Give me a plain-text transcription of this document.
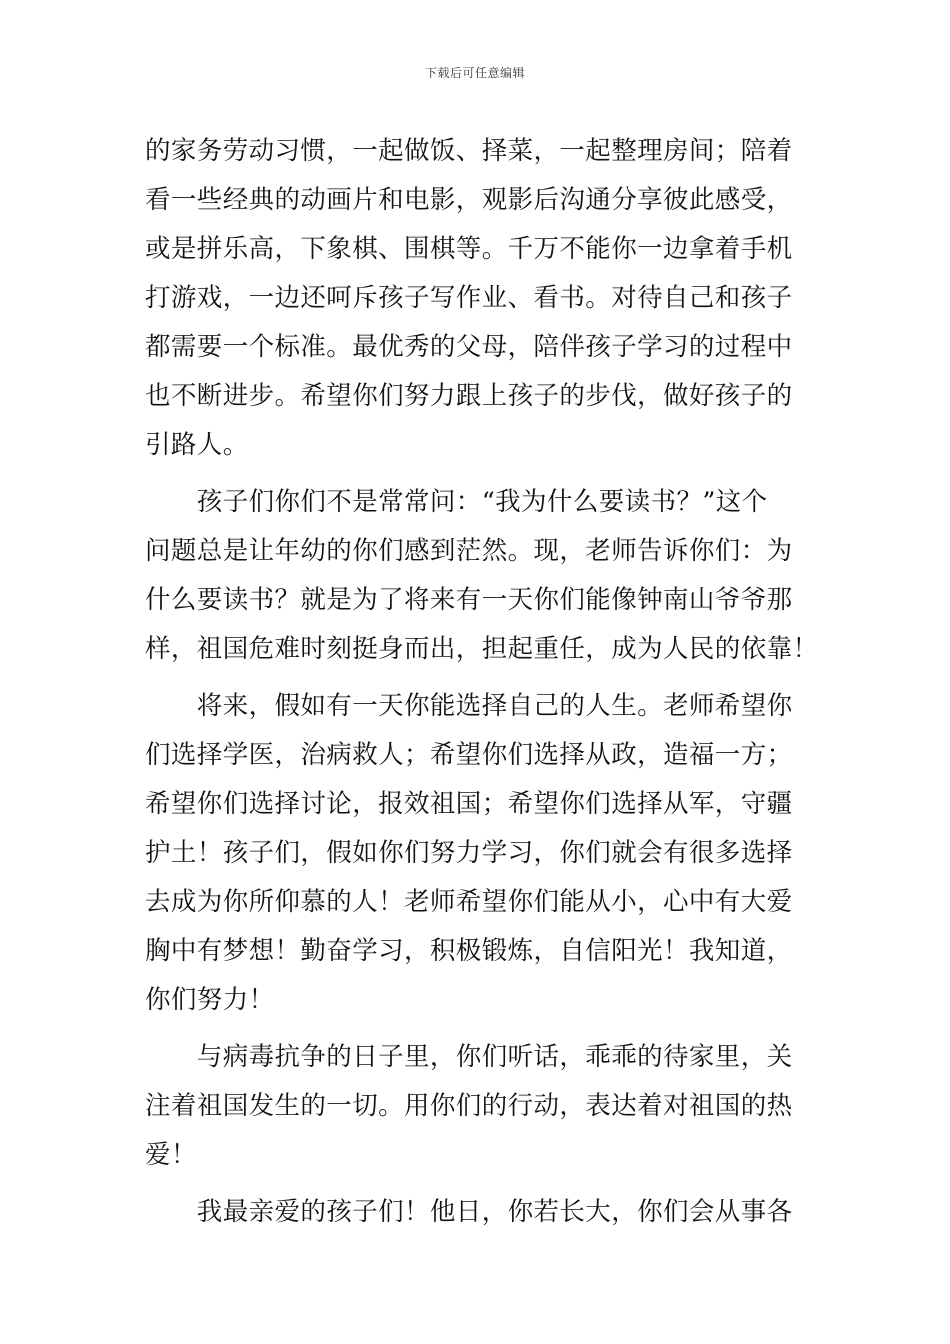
下载后可任意编辑
的家务劳动习惯，一起做饭、择菜，一起整理房间；陪着
看一些经典的动画片和电影，观影后沟通分享彼此感受，
或是拼乐高，下象棋、围棋等。千万不能你一边拿着手机
打游戏，一边还呵斥孩子写作业、看书。对待自己和孩子
都需要一个标准。最优秀的父母，陪伴孩子学习的过程中
也不断进步。希望你们努力跟上孩子的步伐，做好孩子的
引路人。
　　孩子们你们不是常常问：“我为什么要读书？”这个
问题总是让年幼的你们感到茫然。现，老师告诉你们：为
什么要读书？就是为了将来有一天你们能像钟南山爷爷那
样，祖国危难时刻挺身而出，担起重任，成为人民的依靠！
　　将来，假如有一天你能选择自己的人生。老师希望你
们选择学医，治病救人；希望你们选择从政，造福一方；
希望你们选择讨论，报效祖国；希望你们选择从军，守疆
护土！孩子们，假如你们努力学习，你们就会有很多选择
去成为你所仰慕的人！老师希望你们能从小，心中有大爱
胸中有梦想！勤奋学习，积极锻炼，自信阳光！我知道，
你们努力！
　　与病毒抗争的日子里，你们听话，乖乖的待家里，关
注着祖国发生的一切。用你们的行动，表达着对祖国的热
爱！
　　我最亲爱的孩子们！他日，你若长大，你们会从事各
